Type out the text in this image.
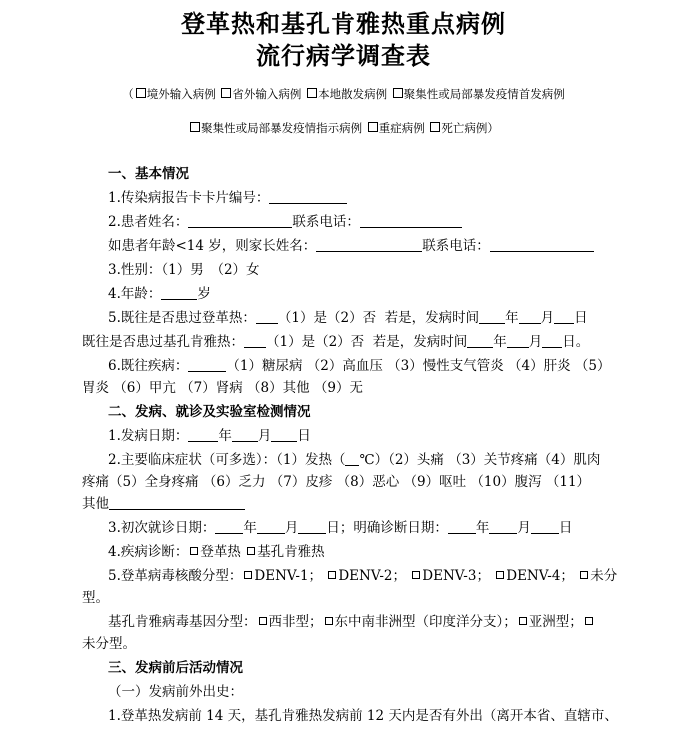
登革热和基孔肯雅热重点病例
流行病学调查表
（ 境外输入病例 省外输入病例 本地散发病例 聚集性或局部暴发疫情首发病例
聚集性或局部暴发疫情指示病例 重症病例 死亡病例）
一、基本情况
1.传染病报告卡卡片编号：
2.患者姓名：	联系电话：
如患者年龄<14 岁，则家长姓名：	联系电话：
3.性别：（1）男　（2）女
4.年龄：	岁
5.既往是否患过登革热： （1）是（2）否  若是，发病时间 年 月 日
既往是否患过基孔肯雅热： （1）是（2）否  若是，发病时间 年 月 日。
6.既往疾病：	（1）糖尿病 （2）高血压 （3）慢性支气管炎 （4）肝炎 （5）
胃炎 （6）甲亢 （7）肾病 （8）其他 （9）无
二、发病、就诊及实验室检测情况
1.发病日期： 年 月 日
2.主要临床症状（可多选）：（1）发热（ ℃）（2）头痛 （3）关节疼痛（4）肌肉
疼痛（5）全身疼痛 （6）乏力 （7）皮疹 （8）恶心 （9）呕吐 （10）腹泻 （11）
其他
3.初次就诊日期： 年 月 日；明确诊断日期： 年 月 日
4.疾病诊断： 登革热 基孔肯雅热
5.登革病毒核酸分型： DENV-1； DENV-2； DENV-3； DENV-4； 未分
型。
基孔肯雅病毒基因分型： 西非型； 东中南非洲型（印度洋分支）； 亚洲型；
未分型。
三、发病前后活动情况
（一）发病前外出史：
1.登革热发病前 14 天，基孔肯雅热发病前 12 天内是否有外出（离开本省、直辖市、
